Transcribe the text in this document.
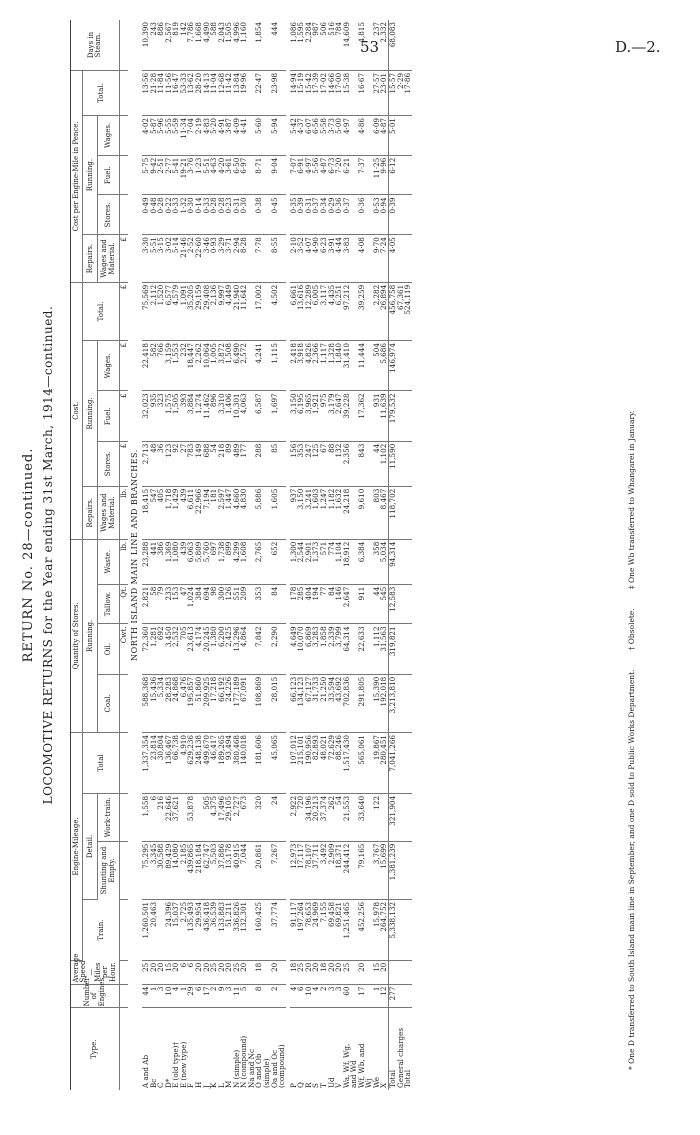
53	D.—2.
RETURN No. 28—continued. LOCOMOTIVE RETURNS for the Year ending 31st March, 1914—continued.
Type.	Number of Engines.	Average Speed—Miles per Hour.	Engine-Mileage.				Quantity of Stores.				Cost.					Cost per Engine-Mile in Pence.					Days in Steam.
			Train.	Detail.		Total	Running.				Repairs.	Running.			Total.	Repairs.	Running.			Total.	
				Shunting and Empty.	Work-train.		Coal.	Oil.	Tallow.	Waste.	Wages and Material.	Stores.	Fuel.	Wages.		Wages and Material.	Stores.	Fuel.	Wages.		

								Cwt.	Qt.	lb.	lb.	£	£	£	£	£					
NORTH ISLAND MAIN LINE AND BRANCHES.																					
A and Ab	44	25	1,260,501	75,295	1,558	1,337,354	588,368	72,360	2,821	23,288	18,415	2,713	32,023	22,418	75,569	3·30	0·49	5·75	4·02	13·56	10,390
Bc	1	20	20,463	3,345	6	23,814	15,436	1,281	58	441	547	48	935	582	2,112	5·51	0·48	9·42	5·87	21·28	243
C	3	20		30,588	216	30,804	5,334	692	79	386	405	36	323	766	1,520	3·15	0·28	2·51	5·96	11·84	886
D*	10	15	24,396	89,429	22,646	136,467	28,283	3,450	233	1,369	1,718	123	1,575	3,159	6,577	3·02	0·22	2·77	5·55	11·56	2,567
E (old type)†	4	20	15,037	14,080	37,621	66,738	24,868	2,532	153	1,080	1,429	92	1,505	1,553	4,579	5·14	0·33	5·41	5·59	16·47	819
E (new type)	1	6	2,725	2,185		4,910	6,476	705	47	439	439	27	393	232	1,091	21·46	1·32	19·21	11·34	53·33	142
F	29	6	135,493	439,865	53,878	629,236	195,857	23,613	1,024	6,063	6,611	783	3,884	18,447	35,205	2·52	0·30	3·76	7·04	13·62	7,786
H	6	20	29,954	218,184		248,138	51,860	4,174	384	5,809	22,966	149	1,274	2,262	29,159	22·60	0·14	1·23	2·19	28·20	1,668
J	17	20	436,418	62,747	505	499,670	209,925	20,245	694	5,760	7,194	688	11,462	10,064	29,408	3·46	0·33	5·51	4·83	14·13	4,490
K	2	25	36,539	5,503	4,375	46,417	17,218	1,380	98	697	181	54	896	1,005	2,136	0·93	0·28	4·63	5·20	11·04	588
L	9	20	133,883	37,886	17,496	189,265	66,192	6,200	300	1,738	2,597	218	3,310	3,872	9,997	3·29	0·28	4·20	4·91	12·68	2,043
M	3	20	51,211	13,178	29,105	93,494	24,226	2,425	126	899	1,447	89	1,406	1,508	4,449	3·71	0·23	3·61	3·87	11·42	1,505
N (simple)	11	25	336,826	40,915	2,727	380,468	177,189	13,296	551	4,299	4,660	489	10,301	6,490	21,940	2·94	0·31	6·50	4·09	13·84	4,996
N (compound)	5	20	132,301	7,044	673	140,018	67,091	4,864	209	1,608	4,830	177	4,063	2,572	11,642	8·28	0·30	6·97	4·41	19·96	1,160
Na and Nc																					
O and Ob	8	18	160,425	20,861	320	181,606	108,869	7,842	353	2,765	5,886	288	6,587	4,241	17,002	7·78	0·38	8·71	5·60	22·47	1,854
(simple)																					
Oa and Oc	2	20	37,774	7,267	24	45,065	28,015	2,290	84	652	1,605	85	1,697	1,115	4,502	8·55	0·45	9·04	5·94	23·98	444
(compound)																					

P	4	18	91,117	12,973	2,922	107,012	66,123	4,649	178	1,300	937	156	3,150	2,418	6,661	2·10	0·35	7·07	5·42	14·94	1,086
Q	6	25	197,264	17,117	720	215,101	134,123	10,070	285	2,544	3,150	353	6,195	3,918	13,616	3·52	0·39	6·91	4·37	15·19	1,595
R	10	20	78,653	78,107	34,196	190,956	67,127	6,869	404	2,901	3,241	247	3,965	4,826	12,289	4·07	0·31	4·97	6·07	15·42	2,284
S	4	20	24,969	37,711	20,213	82,893	31,733	3,283	194	1,373	1,603	125	1,921	2,366	6,005	4·90	0·37	5·56	6·56	17·39	987
T	2	18	7,155	3,492	37,374	48,021	21,250	1,858	77	571	1,247	67	975	1,117	3,117	6·23	0·34	4·87	5·58	17·02	506
Ud	3	20	69,458	2,909	262	72,629	33,594	2,339	84	774	1,182	88	3,179	1,328	4,435	3·91	0·29	6·73	3·73	14·66	516
V	3	20	69,821	18,371	54	88,246	43,692	3,799	146	1,104	1,632	132	2,647	1,840	6,251	4·44	0·36	7·20	5·00	17·00	784
Wa, Wf, Wg,	60	25	1,251,465	244,412	21,553	1,517,430	702,836	64,314	2,647	18,912	24,218	2,356	39,228	31,410	97,212	3·83	0·37	6·21	4·97	15·38	14,609
and Wd																					
Wf, Wb, and	17	20	452,256	79,165	33,640	565,061	291,805	22,633	911	6,384	9,610	843	17,362	11,444	39,259	4·08	0·36	7·37	4·86	16·67	4,815
Wj																					
We	1	15	15,978	3,767	122	19,867	15,390	1,112	44	358	803	44	931	504	2,282	9·70	0·53	11·25	6·09	27·57	237
X	12	20	264,752	15,699		280,451	192,018	31,563	545	5,034	8,467	1,102	11,639	5,686	26,894	7·24	0·94	9·96	4·87	23·01	2,332
Total	277		5,338,132	1,381,239	321,904	7,041,266	3,213,810	319,821	12,583	94,314	118,702	11,590	179,532	146,974	456,758	4·05	0·39	6·12	5·01	15·57	68,083
General charges															67,361					2·29	
Total															524,119					17·86	
* One D transferred to South Island main line in September, and one D sold to Public Works Department.        † Obsolete.        ‡ One Wb transferred to Whangarei in January.
